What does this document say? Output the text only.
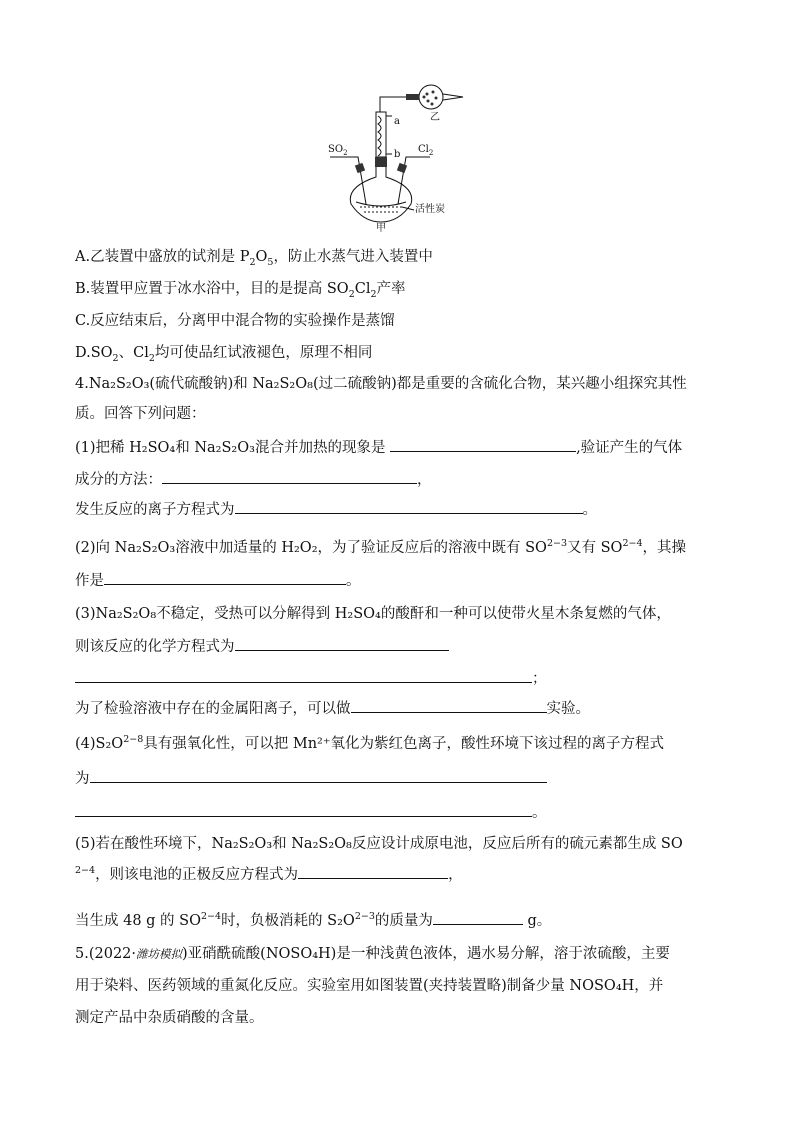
a
b
乙
$SO_2$	$Cl_2$
活性炭
甲
A.乙装置中盛放的试剂是 $P_2O_5$，防止水蒸气进入装置中
B.装置甲应置于冰水浴中，目的是提高 $SO_2Cl_2$产率
C.反应结束后，分离甲中混合物的实验操作是蒸馏
$D.SO_2$、$Cl_2$均可使品红试液褪色，原理不相同
4.Na₂S₂O₃(硫代硫酸钠)和 Na₂S₂O₈(过二硫酸钠)都是重要的含硫化合物，某兴趣小组探究其性
质。回答下列问题：
(1)把稀 H₂SO₄和 Na₂S₂O₃混合并加热的现象是	,验证产生的气体
成分的方法：	，
发生反应的离子方程式为	。
(2)向 Na₂S₂O₃溶液中加适量的 H₂O₂，为了验证反应后的溶液中既有 $SO^{2-3}$又有 $SO^{2-4}$，其操
作是	。
(3)Na₂S₂O₈不稳定，受热可以分解得到 H₂SO₄的酸酐和一种可以使带火星木条复燃的气体，
则该反应的化学方程式为
；
为了检验溶液中存在的金属阳离子，可以做	实验。
$(4)S_2O^{2-8}$具有强氧化性，可以把 Mn²⁺氧化为紫红色离子，酸性环境下该过程的离子方程式
为
。
(5)若在酸性环境下，Na₂S₂O₃和 Na₂S₂O₈反应设计成原电池，反应后所有的硫元素都生成 SO
$^{2-4}$，则该电池的正极反应方程式为	，
当生成 48 g 的 $SO^{2-4}$时，负极消耗的 $S_2O^{2-3}$的质量为	g。
5.(2022·潍坊模拟)亚硝酰硫酸(NOSO₄H)是一种浅黄色液体，遇水易分解，溶于浓硫酸，主要
用于染料、医药领域的重氮化反应。实验室用如图装置(夹持装置略)制备少量 NOSO₄H，并
测定产品中杂质硝酸的含量。
